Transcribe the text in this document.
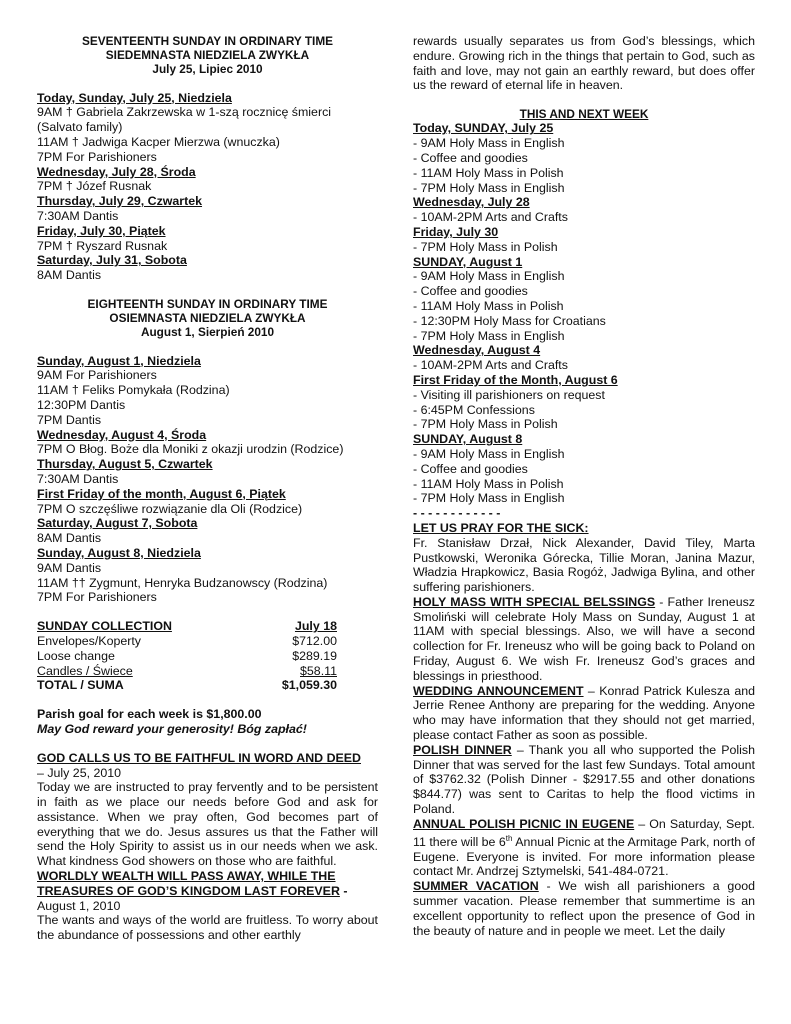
SEVENTEENTH SUNDAY IN ORDINARY TIME
SIEDEMNASTA NIEDZIELA ZWYKŁA
July 25, Lipiec 2010
Today, Sunday, July 25, Niedziela
9AM † Gabriela Zakrzewska w 1-szą rocznicę śmierci
(Salvato family)
11AM † Jadwiga Kacper Mierzwa (wnuczka)
7PM For Parishioners
Wednesday, July 28, Środa
7PM † Józef Rusnak
Thursday, July 29, Czwartek
7:30AM Dantis
Friday, July 30, Piątek
7PM † Ryszard Rusnak
Saturday, July 31, Sobota
8AM Dantis
EIGHTEENTH SUNDAY IN ORDINARY TIME
OSIEMNASTA NIEDZIELA ZWYKŁA
August 1, Sierpień 2010
Sunday, August 1, Niedziela
9AM For Parishioners
11AM † Feliks Pomykała (Rodzina)
12:30PM Dantis
7PM Dantis
Wednesday, August 4, Środa
7PM O Błog. Boże dla Moniki z okazji urodzin (Rodzice)
Thursday, August 5, Czwartek
7:30AM Dantis
First Friday of the month, August 6, Piątek
7PM O szczęśliwe rozwiązanie dla Oli (Rodzice)
Saturday, August 7, Sobota
8AM Dantis
Sunday, August 8, Niedziela
9AM Dantis
11AM †† Zygmunt, Henryka Budzanowscy (Rodzina)
7PM For Parishioners
SUNDAY COLLECTION	July 18
Envelopes/Koperty	$712.00
Loose change	$289.19
Candles / Świece	$58.11
TOTAL / SUMA	$1,059.30
Parish goal for each week is $1,800.00
May God reward your generosity! Bóg zapłać!
GOD CALLS US TO BE FAITHFUL IN WORD AND DEED
– July 25, 2010
Today we are instructed to pray fervently and to be persistent in faith as we place our needs before God and ask for assistance. When we pray often, God becomes part of everything that we do. Jesus assures us that the Father will send the Holy Spirity to assist us in our needs when we ask. What kindness God showers on those who are faithful.
WORLDLY WEALTH WILL PASS AWAY, WHILE THE TREASURES OF GOD’S KINGDOM LAST FOREVER -
August 1, 2010
The wants and ways of the world are fruitless. To worry about the abundance of possessions and other earthly
rewards usually separates us from God’s blessings, which endure. Growing rich in the things that pertain to God, such as faith and love, may not gain an earthly reward, but does offer us the reward of eternal life in heaven.
THIS AND NEXT WEEK
Today, SUNDAY, July 25
- 9AM Holy Mass in English
- Coffee and goodies
- 11AM Holy Mass in Polish
- 7PM Holy Mass in English
Wednesday, July 28
- 10AM-2PM Arts and Crafts
Friday, July 30
- 7PM Holy Mass in Polish
SUNDAY, August 1
- 9AM Holy Mass in English
- Coffee and goodies
- 11AM Holy Mass in Polish
- 12:30PM Holy Mass for Croatians
- 7PM Holy Mass in English
Wednesday, August 4
- 10AM-2PM Arts and Crafts
First Friday of the Month, August 6
- Visiting ill parishioners on request
- 6:45PM Confessions
- 7PM Holy Mass in Polish
SUNDAY, August 8
- 9AM Holy Mass in English
- Coffee and goodies
- 11AM Holy Mass in Polish
- 7PM Holy Mass in English
- - - - - - - - - - - -
LET US PRAY FOR THE SICK:
Fr. Stanisław Drzał, Nick Alexander, David Tiley, Marta Pustkowski, Weronika Górecka, Tillie Moran, Janina Mazur, Władzia Hrapkowicz, Basia Rogóż, Jadwiga Bylina, and other suffering parishioners.
HOLY MASS WITH SPECIAL BELSSINGS - Father Ireneusz Smoliński will celebrate Holy Mass on Sunday, August 1 at 11AM with special blessings. Also, we will have a second collection for Fr. Ireneusz who will be going back to Poland on Friday, August 6. We wish Fr. Ireneusz God’s graces and blessings in priesthood.
WEDDING ANNOUNCEMENT – Konrad Patrick Kulesza and Jerrie Renee Anthony are preparing for the wedding. Anyone who may have information that they should not get married, please contact Father as soon as possible.
POLISH DINNER – Thank you all who supported the Polish Dinner that was served for the last few Sundays. Total amount of $3762.32 (Polish Dinner - $2917.55 and other donations $844.77) was sent to Caritas to help the flood victims in Poland.
ANNUAL POLISH PICNIC IN EUGENE – On Saturday, Sept. 11 there will be 6th Annual Picnic at the Armitage Park, north of Eugene. Everyone is invited. For more information please contact Mr. Andrzej Sztymelski, 541-484-0721.
SUMMER VACATION - We wish all parishioners a good summer vacation. Please remember that summertime is an excellent opportunity to reflect upon the presence of God in the beauty of nature and in people we meet. Let the daily
